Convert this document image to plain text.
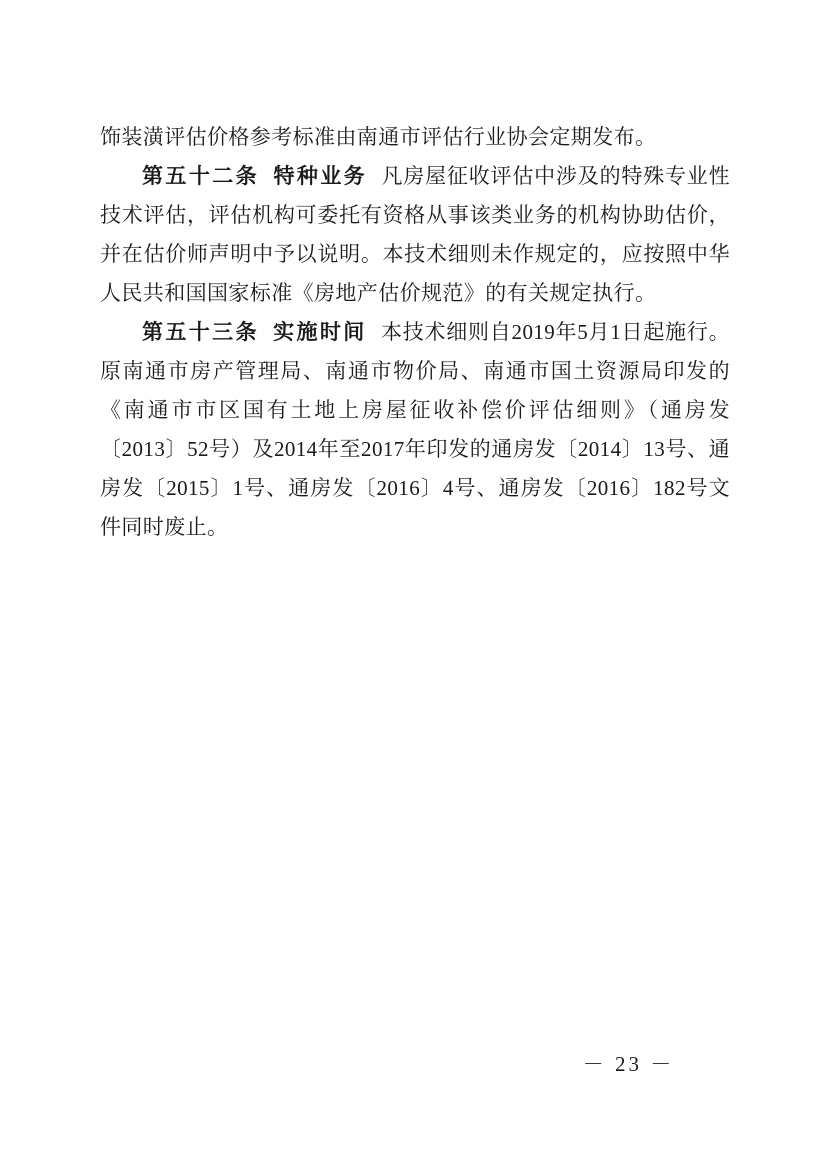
饰装潢评估价格参考标准由南通市评估行业协会定期发布。

第五十二条 特种业务 凡房屋征收评估中涉及的特殊专业性技术评估，评估机构可委托有资格从事该类业务的机构协助估价，并在估价师声明中予以说明。本技术细则未作规定的，应按照中华人民共和国国家标准《房地产估价规范》的有关规定执行。

第五十三条 实施时间 本技术细则自2019年5月1日起施行。原南通市房产管理局、南通市物价局、南通市国土资源局印发的《南通市市区国有土地上房屋征收补偿价评估细则》（通房发〔2013〕52号）及2014年至2017年印发的通房发〔2014〕13号、通房发〔2015〕1号、通房发〔2016〕4号、通房发〔2016〕182号文件同时废止。

－ 23 －
